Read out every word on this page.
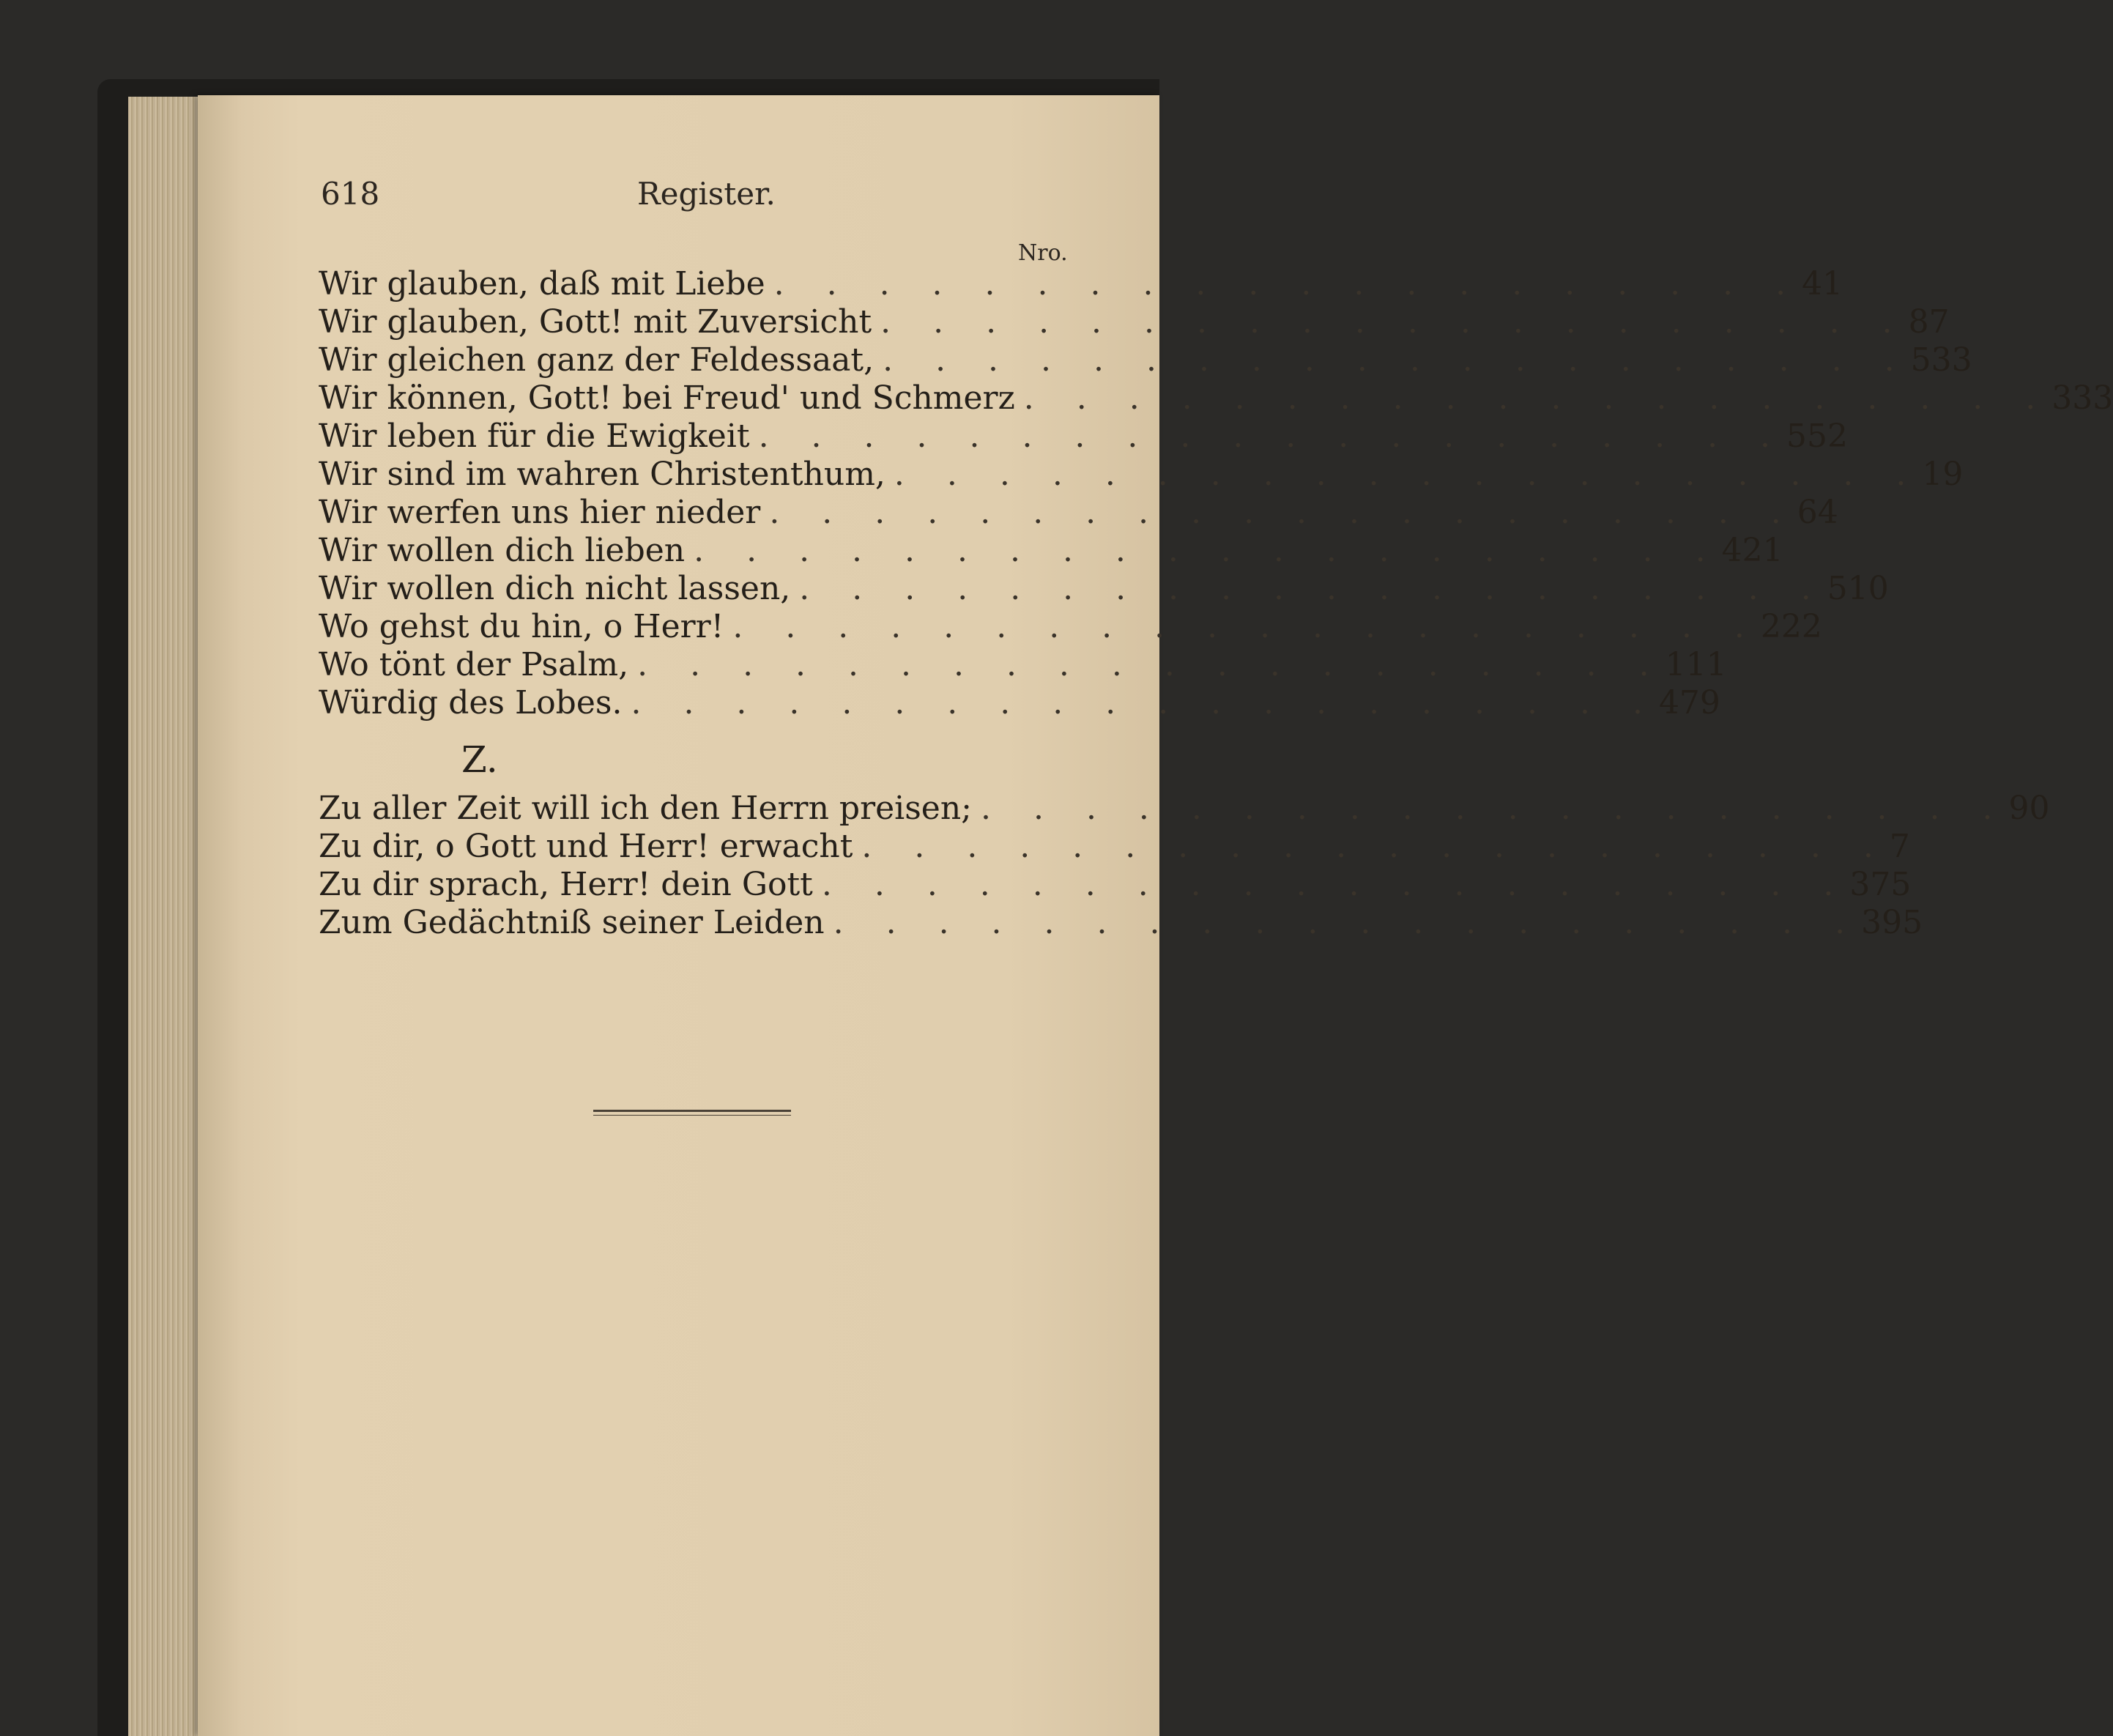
618	Register.
Nro.
Wir glauben, daß mit Liebe . . . . . . . . . . . . . . . . . . . . 41
Wir glauben, Gott! mit Zuversicht . . . . . . . . . . . . . . . . . . . . 87
Wir gleichen ganz der Feldessaat, . . . . . . . . . . . . . . . . . . . . 533
Wir können, Gott! bei Freud' und Schmerz . . . . . . . . . . . . . . . . . . . . 333
Wir leben für die Ewigkeit . . . . . . . . . . . . . . . . . . . . 552
Wir sind im wahren Christenthum, . . . . . . . . . . . . . . . . . . . . 19
Wir werfen uns hier nieder . . . . . . . . . . . . . . . . . . . . 64
Wir wollen dich lieben . . . . . . . . . . . . . . . . . . . . 421
Wir wollen dich nicht lassen, . . . . . . . . . . . . . . . . . . . . 510
Wo gehst du hin, o Herr! . . . . . . . . . . . . . . . . . . . . 222
Wo tönt der Psalm, . . . . . . . . . . . . . . . . . . . . 111
Würdig des Lobes. . . . . . . . . . . . . . . . . . . . . 479
Z.
Zu aller Zeit will ich den Herrn preisen; . . . . . . . . . . . . . . . . . . . . 90
Zu dir, o Gott und Herr! erwacht . . . . . . . . . . . . . . . . . . . . 7
Zu dir sprach, Herr! dein Gott . . . . . . . . . . . . . . . . . . . . 375
Zum Gedächtniß seiner Leiden . . . . . . . . . . . . . . . . . . . . 395
